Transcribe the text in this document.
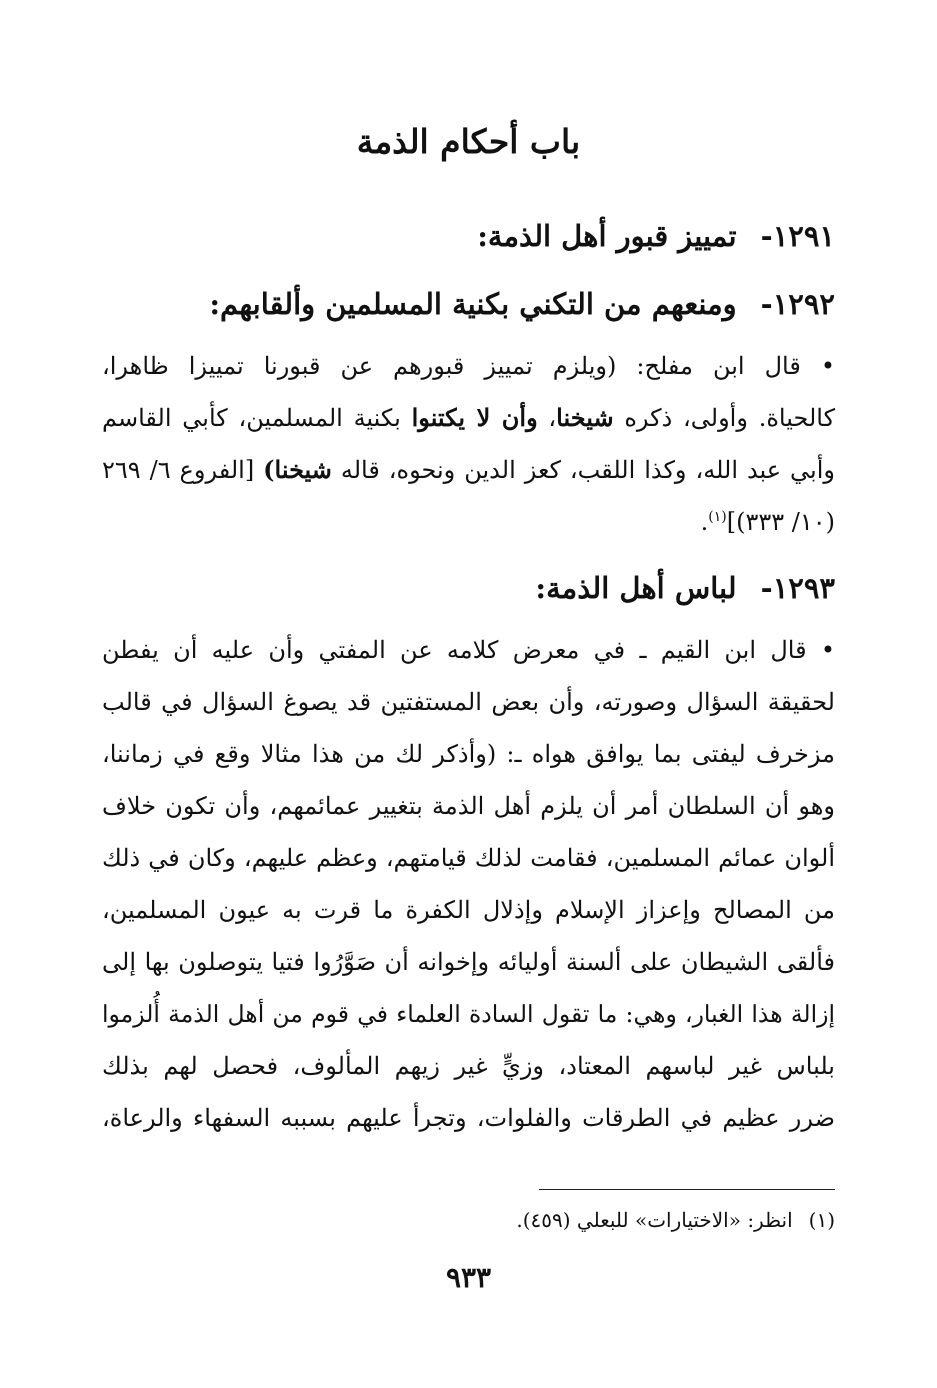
باب أحكام الذمة
١٢٩١-تمييز قبور أهل الذمة:
١٢٩٢-ومنعهم من التكني بكنية المسلمين وألقابهم:
• قال ابن مفلح: (ويلزم تمييز قبورهم عن قبورنا تمييزا ظاهرا،
كالحياة. وأولى، ذكره شيخنا، وأن لا يكتنوا بكنية المسلمين، كأبي القاسم
وأبي عبد الله، وكذا اللقب، كعز الدين ونحوه، قاله شيخنا) [الفروع ٦/ ٢٦٩
(١٠/ ٣٣٣)]$^{(١)}$.
١٢٩٣-لباس أهل الذمة:
• قال ابن القيم ـ في معرض كلامه عن المفتي وأن عليه أن يفطن
لحقيقة السؤال وصورته، وأن بعض المستفتين قد يصوغ السؤال في قالب
مزخرف ليفتى بما يوافق هواه ـ: (وأذكر لك من هذا مثالا وقع في زماننا،
وهو أن السلطان أمر أن يلزم أهل الذمة بتغيير عمائمهم، وأن تكون خلاف
ألوان عمائم المسلمين، فقامت لذلك قيامتهم، وعظم عليهم، وكان في ذلك
من المصالح وإعزاز الإسلام وإذلال الكفرة ما قرت به عيون المسلمين،
فألقى الشيطان على ألسنة أوليائه وإخوانه أن صَوَّرُوا فتيا يتوصلون بها إلى
إزالة هذا الغبار، وهي: ما تقول السادة العلماء في قوم من أهل الذمة أُلزموا
بلباس غير لباسهم المعتاد، وزيٍّ غير زيهم المألوف، فحصل لهم بذلك
ضرر عظيم في الطرقات والفلوات، وتجرأ عليهم بسببه السفهاء والرعاة،
(١)انظر: «الاختيارات» للبعلي (٤٥٩).
٩٣٣
